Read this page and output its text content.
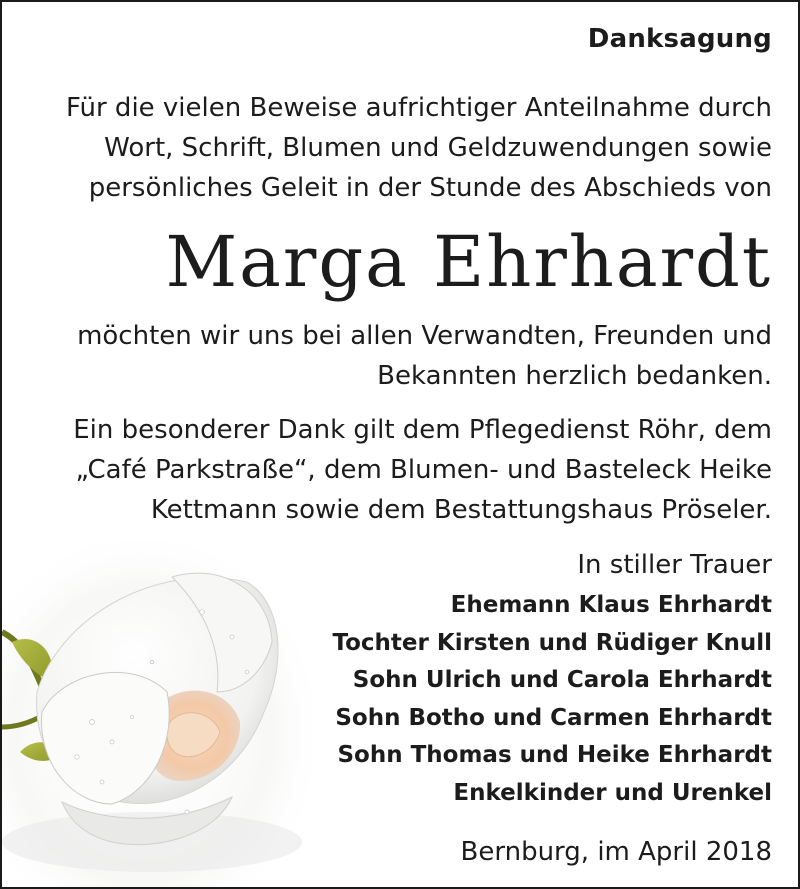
Danksagung

Für die vielen Beweise aufrichtiger Anteilnahme durch
Wort, Schrift, Blumen und Geldzuwendungen sowie
persönliches Geleit in der Stunde des Abschieds von

Marga Ehrhardt

möchten wir uns bei allen Verwandten, Freunden und
Bekannten herzlich bedanken.

Ein besonderer Dank gilt dem Pflegedienst Röhr, dem
„Café Parkstraße“, dem Blumen- und Basteleck Heike
Kettmann sowie dem Bestattungshaus Pröseler.

In stiller Trauer

Ehemann Klaus Ehrhardt
Tochter Kirsten und Rüdiger Knull
Sohn Ulrich und Carola Ehrhardt
Sohn Botho und Carmen Ehrhardt
Sohn Thomas und Heike Ehrhardt
Enkelkinder und Urenkel

Bernburg, im April 2018
